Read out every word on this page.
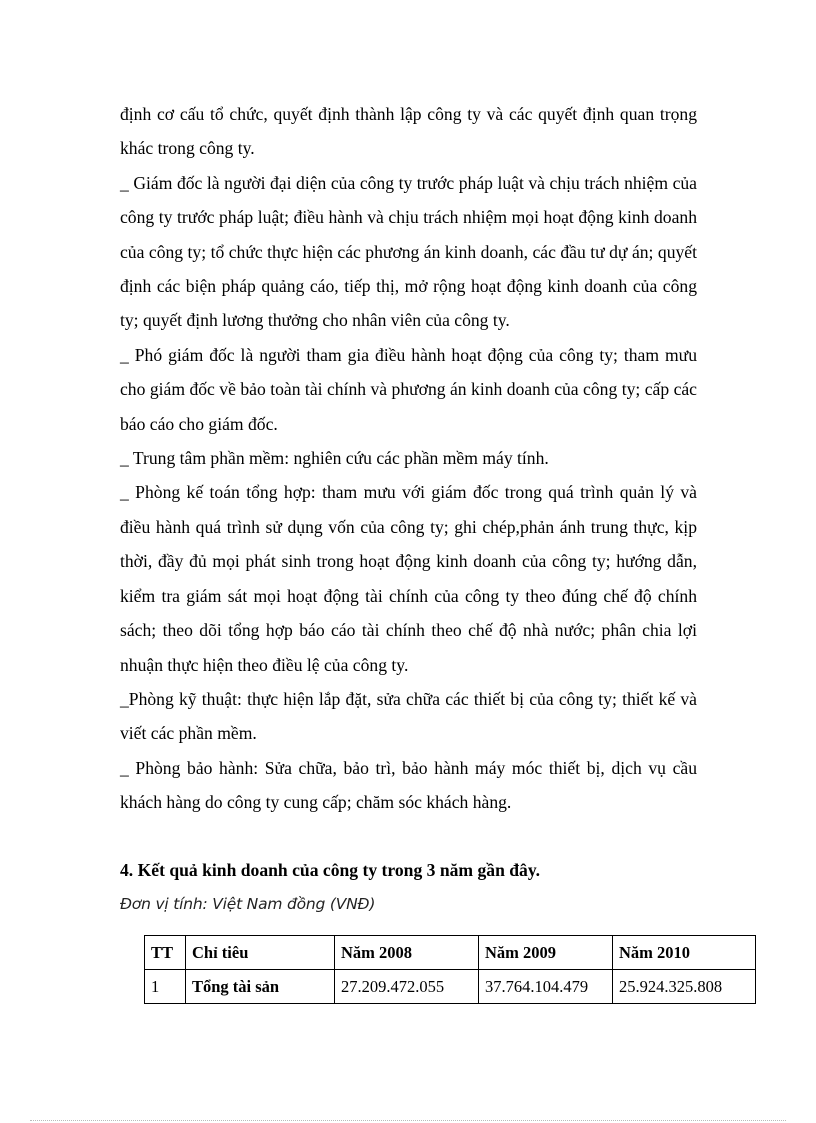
định cơ cấu tổ chức, quyết định thành lập công ty và các quyết định quan trọng khác trong công ty.

_ Giám đốc là người đại diện của công ty trước pháp luật và chịu trách nhiệm của công ty trước pháp luật; điều hành và chịu trách nhiệm mọi hoạt động kinh doanh của công ty; tổ chức thực hiện các phương án kinh doanh, các đầu tư dự án; quyết định các biện pháp quảng cáo, tiếp thị, mở rộng hoạt động kinh doanh của công ty; quyết định lương thưởng cho nhân viên của công ty.

_ Phó giám đốc là người tham gia điều hành hoạt động của công ty; tham mưu cho giám đốc về bảo toàn tài chính và phương án kinh doanh của công ty; cấp các báo cáo cho giám đốc.

_ Trung tâm phần mềm: nghiên cứu các phần mềm máy tính.

_ Phòng kế toán tổng hợp: tham mưu với giám đốc trong quá trình quản lý và điều hành quá trình sử dụng vốn của công ty; ghi chép,phản ánh trung thực, kịp thời, đầy đủ mọi phát sinh trong hoạt động kinh doanh của công ty; hướng dẫn, kiểm tra giám sát mọi hoạt động tài chính của công ty theo đúng chế độ chính sách; theo dõi tổng hợp báo cáo tài chính theo chế độ nhà nước; phân chia lợi nhuận thực hiện theo điều lệ của công ty.

_Phòng kỹ thuật: thực hiện lắp đặt, sửa chữa các thiết bị của công ty; thiết kế và viết các phần mềm.

_ Phòng bảo hành: Sửa chữa, bảo trì, bảo hành máy móc thiết bị, dịch vụ cầu khách hàng do công ty cung cấp; chăm sóc khách hàng.

4. Kết quả kinh doanh của công ty trong 3 năm gần đây.

Đơn vị tính: Việt Nam đồng (VNĐ)

TT	Chỉ tiêu	Năm 2008	Năm 2009	Năm 2010
1	Tổng tài sản	27.209.472.055	37.764.104.479	25.924.325.808
